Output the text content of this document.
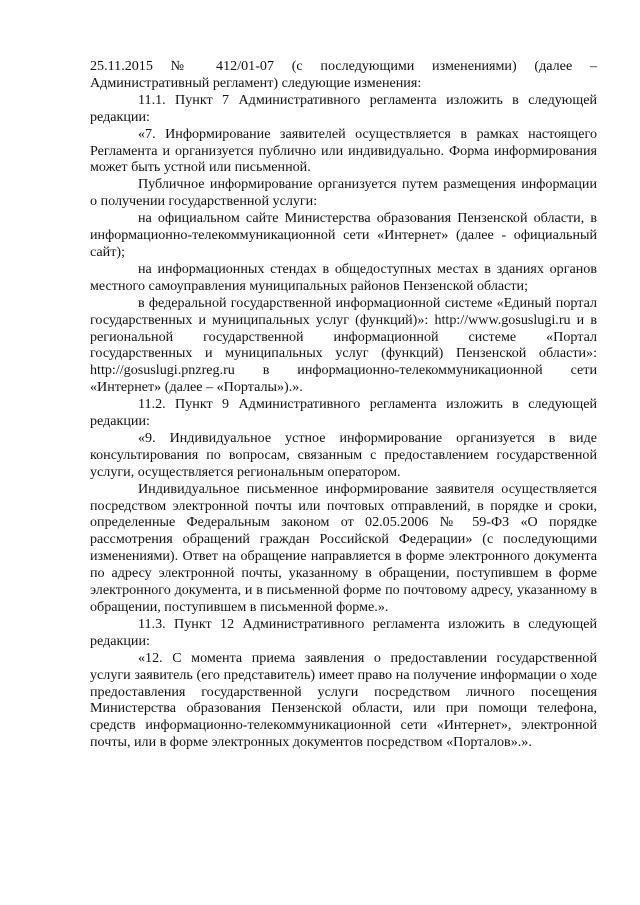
25.11.2015 № 412/01-07 (с последующими изменениями) (далее – Административный регламент) следующие изменения:

11.1. Пункт 7 Административного регламента изложить в следующей редакции:

«7. Информирование заявителей осуществляется в рамках настоящего Регламента и организуется публично или индивидуально. Форма информирования может быть устной или письменной.

Публичное информирование организуется путем размещения информации о получении государственной услуги:

на официальном сайте Министерства образования Пензенской области, в информационно-телекоммуникационной сети «Интернет» (далее - официальный сайт);

на информационных стендах в общедоступных местах в зданиях органов местного самоуправления муниципальных районов Пензенской области;

в федеральной государственной информационной системе «Единый портал государственных и муниципальных услуг (функций)»: http://www.gosuslugi.ru и в региональной государственной информационной системе «Портал государственных и муниципальных услуг (функций) Пензенской области»: http://gosuslugi.pnzreg.ru в информационно-телекоммуникационной сети «Интернет» (далее – «Порталы»).».

11.2. Пункт 9 Административного регламента изложить в следующей редакции:

«9. Индивидуальное устное информирование организуется в виде консультирования по вопросам, связанным с предоставлением государственной услуги, осуществляется региональным оператором.

Индивидуальное письменное информирование заявителя осуществляется посредством электронной почты или почтовых отправлений, в порядке и сроки, определенные Федеральным законом от 02.05.2006 № 59-ФЗ «О порядке рассмотрения обращений граждан Российской Федерации» (с последующими изменениями). Ответ на обращение направляется в форме электронного документа по адресу электронной почты, указанному в обращении, поступившем в форме электронного документа, и в письменной форме по почтовому адресу, указанному в обращении, поступившем в письменной форме.».

11.3. Пункт 12 Административного регламента изложить в следующей редакции:

«12. С момента приема заявления о предоставлении государственной услуги заявитель (его представитель) имеет право на получение информации о ходе предоставления государственной услуги посредством личного посещения Министерства образования Пензенской области, или при помощи телефона, средств информационно-телекоммуникационной сети «Интернет», электронной почты, или в форме электронных документов посредством «Порталов».».
